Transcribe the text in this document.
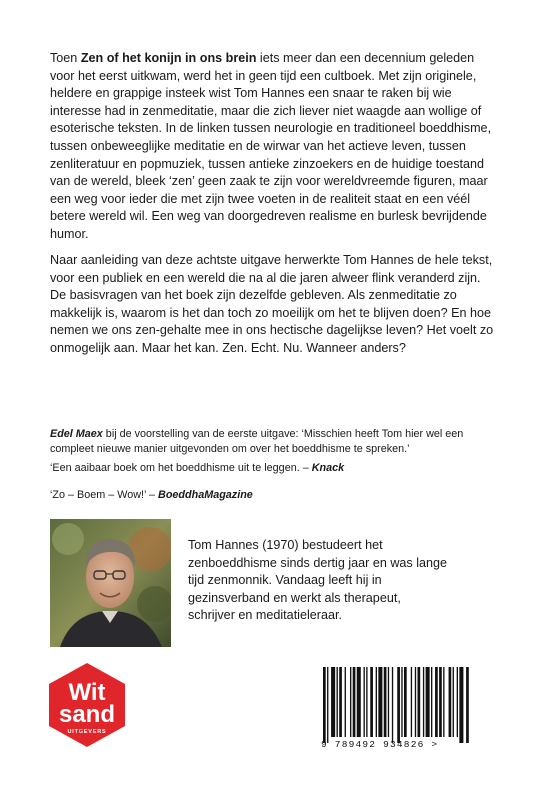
Toen Zen of het konijn in ons brein iets meer dan een decennium geleden voor het eerst uitkwam, werd het in geen tijd een cultboek. Met zijn originele, heldere en grappige insteek wist Tom Hannes een snaar te raken bij wie interesse had in zenmeditatie, maar die zich liever niet waagde aan wollige of esoterische teksten. In de linken tussen neurologie en traditioneel boeddhisme, tussen onbeweeglijke meditatie en de wirwar van het actieve leven, tussen zenliteratuur en popmuziek, tussen antieke zinzoekers en de huidige toestand van de wereld, bleek ‘zen’ geen zaak te zijn voor wereldvreemde figuren, maar een weg voor ieder die met zijn twee voeten in de realiteit staat en een véél betere wereld wil. Een weg van doorgedreven realisme en burlesk bevrijdende humor.

Naar aanleiding van deze achtste uitgave herwerkte Tom Hannes de hele tekst, voor een publiek en een wereld die na al die jaren alweer flink veranderd zijn. De basisvragen van het boek zijn dezelfde gebleven. Als zenmeditatie zo makkelijk is, waarom is het dan toch zo moeilijk om het te blijven doen? En hoe nemen we ons zen-gehalte mee in ons hectische dagelijkse leven? Het voelt zo onmogelijk aan. Maar het kan. Zen. Echt. Nu. Wanneer anders?

Edel Maex bij de voorstelling van de eerste uitgave: ‘Misschien heeft Tom hier wel een compleet nieuwe manier uitgevonden om over het boeddhisme te spreken.’

‘Een aaibaar boek om het boeddhisme uit te leggen. – Knack

‘Zo – Boem – Wow!’ – BoeddhaMagazine

Tom Hannes (1970) bestudeert het zenboeddhisme sinds dertig jaar en was lange tijd zenmonnik. Vandaag leeft hij in gezinsverband en werkt als therapeut, schrijver en meditatieleraar.

Wit
sand
UITGEVERS
9 789492 934826 >
